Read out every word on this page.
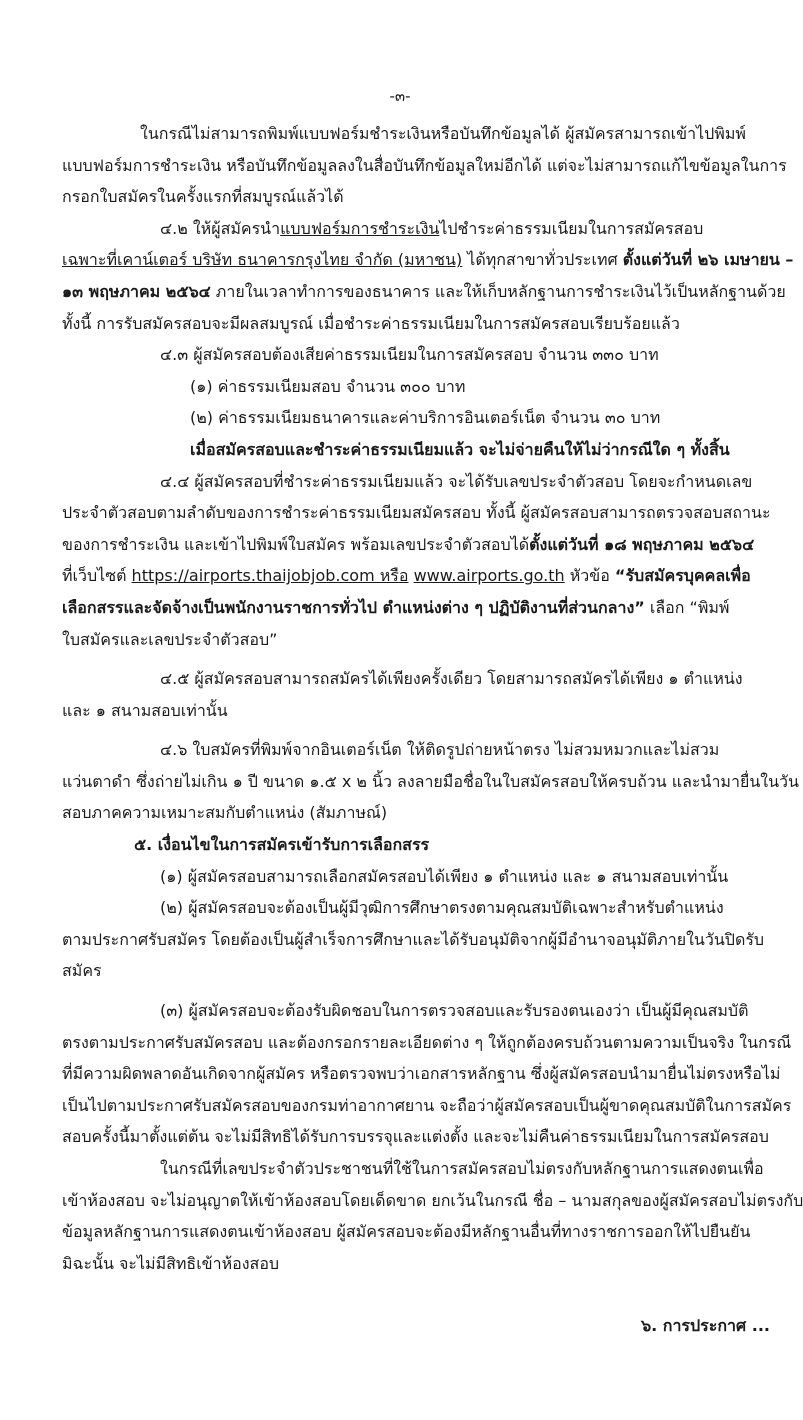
-๓-
ในกรณีไม่สามารถพิมพ์แบบฟอร์มชำระเงินหรือบันทึกข้อมูลได้ ผู้สมัครสามารถเข้าไปพิมพ์
แบบฟอร์มการชำระเงิน หรือบันทึกข้อมูลลงในสื่อบันทึกข้อมูลใหม่อีกได้ แต่จะไม่สามารถแก้ไขข้อมูลในการ
กรอกใบสมัครในครั้งแรกที่สมบูรณ์แล้วได้
๔.๒ ให้ผู้สมัครนำแบบฟอร์มการชำระเงินไปชำระค่าธรรมเนียมในการสมัครสอบ
เฉพาะที่เคาน์เตอร์ บริษัท ธนาคารกรุงไทย จำกัด (มหาชน) ได้ทุกสาขาทั่วประเทศ ตั้งแต่วันที่ ๒๖ เมษายน –
๑๓ พฤษภาคม ๒๕๖๔ ภายในเวลาทำการของธนาคาร และให้เก็บหลักฐานการชำระเงินไว้เป็นหลักฐานด้วย
ทั้งนี้ การรับสมัครสอบจะมีผลสมบูรณ์ เมื่อชำระค่าธรรมเนียมในการสมัครสอบเรียบร้อยแล้ว
๔.๓ ผู้สมัครสอบต้องเสียค่าธรรมเนียมในการสมัครสอบ จำนวน ๓๓๐ บาท
(๑) ค่าธรรมเนียมสอบ จำนวน ๓๐๐ บาท
(๒) ค่าธรรมเนียมธนาคารและค่าบริการอินเตอร์เน็ต จำนวน ๓๐ บาท
เมื่อสมัครสอบและชำระค่าธรรมเนียมแล้ว จะไม่จ่ายคืนให้ไม่ว่ากรณีใด ๆ ทั้งสิ้น
๔.๔ ผู้สมัครสอบที่ชำระค่าธรรมเนียมแล้ว จะได้รับเลขประจำตัวสอบ โดยจะกำหนดเลข
ประจำตัวสอบตามลำดับของการชำระค่าธรรมเนียมสมัครสอบ ทั้งนี้ ผู้สมัครสอบสามารถตรวจสอบสถานะ
ของการชำระเงิน และเข้าไปพิมพ์ใบสมัคร พร้อมเลขประจำตัวสอบได้ตั้งแต่วันที่ ๑๘ พฤษภาคม ๒๕๖๔
ที่เว็บไซต์ https://airports.thaijobjob.com หรือ www.airports.go.th หัวข้อ “รับสมัครบุคคลเพื่อ
เลือกสรรและจัดจ้างเป็นพนักงานราชการทั่วไป ตำแหน่งต่าง ๆ ปฏิบัติงานที่ส่วนกลาง” เลือก “พิมพ์
ใบสมัครและเลขประจำตัวสอบ”
๔.๕ ผู้สมัครสอบสามารถสมัครได้เพียงครั้งเดียว โดยสามารถสมัครได้เพียง ๑ ตำแหน่ง
และ ๑ สนามสอบเท่านั้น
๔.๖ ใบสมัครที่พิมพ์จากอินเตอร์เน็ต ให้ติดรูปถ่ายหน้าตรง ไม่สวมหมวกและไม่สวม
แว่นตาดำ ซึ่งถ่ายไม่เกิน ๑ ปี ขนาด ๑.๕ x ๒ นิ้ว ลงลายมือชื่อในใบสมัครสอบให้ครบถ้วน และนำมายื่นในวัน
สอบภาคความเหมาะสมกับตำแหน่ง (สัมภาษณ์)
๕. เงื่อนไขในการสมัครเข้ารับการเลือกสรร
(๑) ผู้สมัครสอบสามารถเลือกสมัครสอบได้เพียง ๑ ตำแหน่ง และ ๑ สนามสอบเท่านั้น
(๒) ผู้สมัครสอบจะต้องเป็นผู้มีวุฒิการศึกษาตรงตามคุณสมบัติเฉพาะสำหรับตำแหน่ง
ตามประกาศรับสมัคร โดยต้องเป็นผู้สำเร็จการศึกษาและได้รับอนุมัติจากผู้มีอำนาจอนุมัติภายในวันปิดรับ
สมัคร
(๓) ผู้สมัครสอบจะต้องรับผิดชอบในการตรวจสอบและรับรองตนเองว่า เป็นผู้มีคุณสมบัติ
ตรงตามประกาศรับสมัครสอบ และต้องกรอกรายละเอียดต่าง ๆ ให้ถูกต้องครบถ้วนตามความเป็นจริง ในกรณี
ที่มีความผิดพลาดอันเกิดจากผู้สมัคร หรือตรวจพบว่าเอกสารหลักฐาน ซึ่งผู้สมัครสอบนำมายื่นไม่ตรงหรือไม่
เป็นไปตามประกาศรับสมัครสอบของกรมท่าอากาศยาน จะถือว่าผู้สมัครสอบเป็นผู้ขาดคุณสมบัติในการสมัคร
สอบครั้งนี้มาตั้งแต่ต้น จะไม่มีสิทธิได้รับการบรรจุและแต่งตั้ง และจะไม่คืนค่าธรรมเนียมในการสมัครสอบ
ในกรณีที่เลขประจำตัวประชาชนที่ใช้ในการสมัครสอบไม่ตรงกับหลักฐานการแสดงตนเพื่อ
เข้าห้องสอบ จะไม่อนุญาตให้เข้าห้องสอบโดยเด็ดขาด ยกเว้นในกรณี ชื่อ – นามสกุลของผู้สมัครสอบไม่ตรงกับ
ข้อมูลหลักฐานการแสดงตนเข้าห้องสอบ ผู้สมัครสอบจะต้องมีหลักฐานอื่นที่ทางราชการออกให้ไปยืนยัน
มิฉะนั้น จะไม่มีสิทธิเข้าห้องสอบ
๖. การประกาศ ...
